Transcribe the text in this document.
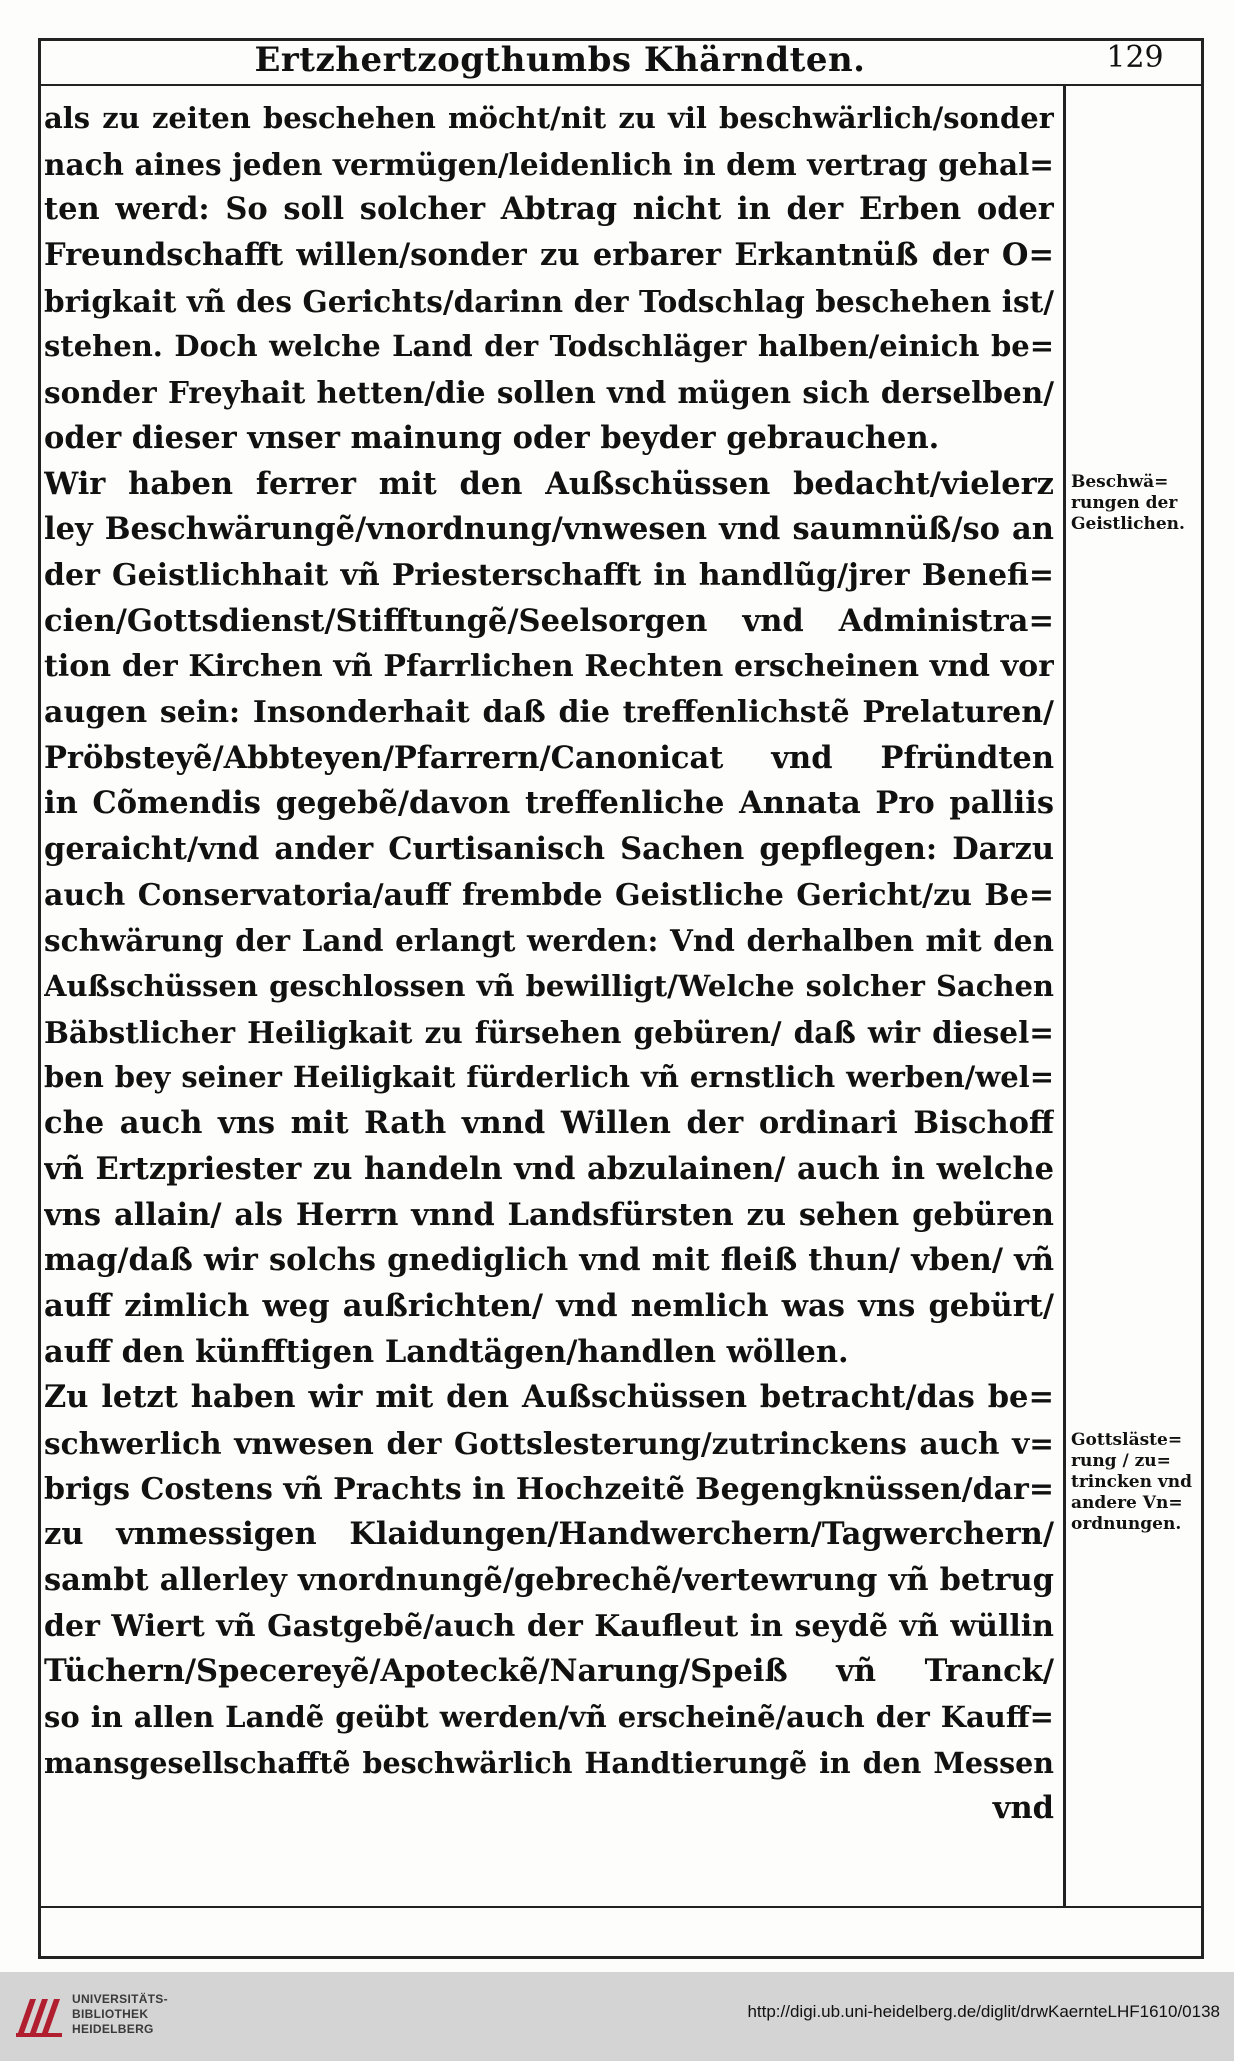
Ertzhertzogthumbs Khärndten.	129
als zu zeiten beschehen möcht/nit zu vil beschwärlich/sonder
nach aines jeden vermügen/leidenlich in dem vertrag gehal=
ten werd: So soll solcher Abtrag nicht in der Erben oder
Freundschafft willen/sonder zu erbarer Erkantnüß der O=
brigkait vñ des Gerichts/darinn der Todschlag beschehen ist/
stehen. Doch welche Land der Todschläger halben/einich be=
sonder Freyhait hetten/die sollen vnd mügen sich derselben/
oder dieser vnser mainung oder beyder gebrauchen.
Wir haben ferrer mit den Außschüssen bedacht/vielerz
ley Beschwärungẽ/vnordnung/vnwesen vnd saumnüß/so an
der Geistlichhait vñ Priesterschafft in handlũg/jrer Benefi=
cien/Gottsdienst/Stifftungẽ/Seelsorgen vnd Administra=
tion der Kirchen vñ Pfarrlichen Rechten erscheinen vnd vor
augen sein: Insonderhait daß die treffenlichstẽ Prelaturen/
Pröbsteyẽ/Abbteyen/Pfarrern/Canonicat vnd Pfründten
in Cõmendis gegebẽ/davon treffenliche Annata Pro palliis
geraicht/vnd ander Curtisanisch Sachen gepflegen: Darzu
auch Conservatoria/auff frembde Geistliche Gericht/zu Be=
schwärung der Land erlangt werden: Vnd derhalben mit den
Außschüssen geschlossen vñ bewilligt/Welche solcher Sachen
Bäbstlicher Heiligkait zu fürsehen gebüren/ daß wir diesel=
ben bey seiner Heiligkait fürderlich vñ ernstlich werben/wel=
che auch vns mit Rath vnnd Willen der ordinari Bischoff
vñ Ertzpriester zu handeln vnd abzulainen/ auch in welche
vns allain/ als Herrn vnnd Landsfürsten zu sehen gebüren
mag/daß wir solchs gnediglich vnd mit fleiß thun/ vben/ vñ
auff zimlich weg außrichten/ vnd nemlich was vns gebürt/
auff den künfftigen Landtägen/handlen wöllen.
Zu letzt haben wir mit den Außschüssen betracht/das be=
schwerlich vnwesen der Gottslesterung/zutrinckens auch v=
brigs Costens vñ Prachts in Hochzeitẽ Begengknüssen/dar=
zu vnmessigen Klaidungen/Handwerchern/Tagwerchern/
sambt allerley vnordnungẽ/gebrechẽ/vertewrung vñ betrug
der Wiert vñ Gastgebẽ/auch der Kaufleut in seydẽ vñ wüllin
Tüchern/Specereyẽ/Apoteckẽ/Narung/Speiß vñ Tranck/
so in allen Landẽ geübt werden/vñ erscheinẽ/auch der Kauff=
mansgesellschafftẽ beschwärlich Handtierungẽ in den Messen
vnd
Beschwä=
rungen der
Geistlichen.
Gottsläste=
rung / zu=
trincken vnd
andere Vn=
ordnungen.
UNIVERSITÄTS-
BIBLIOTHEK
HEIDELBERG
http://digi.ub.uni-heidelberg.de/diglit/drwKaernteLHF1610/0138
